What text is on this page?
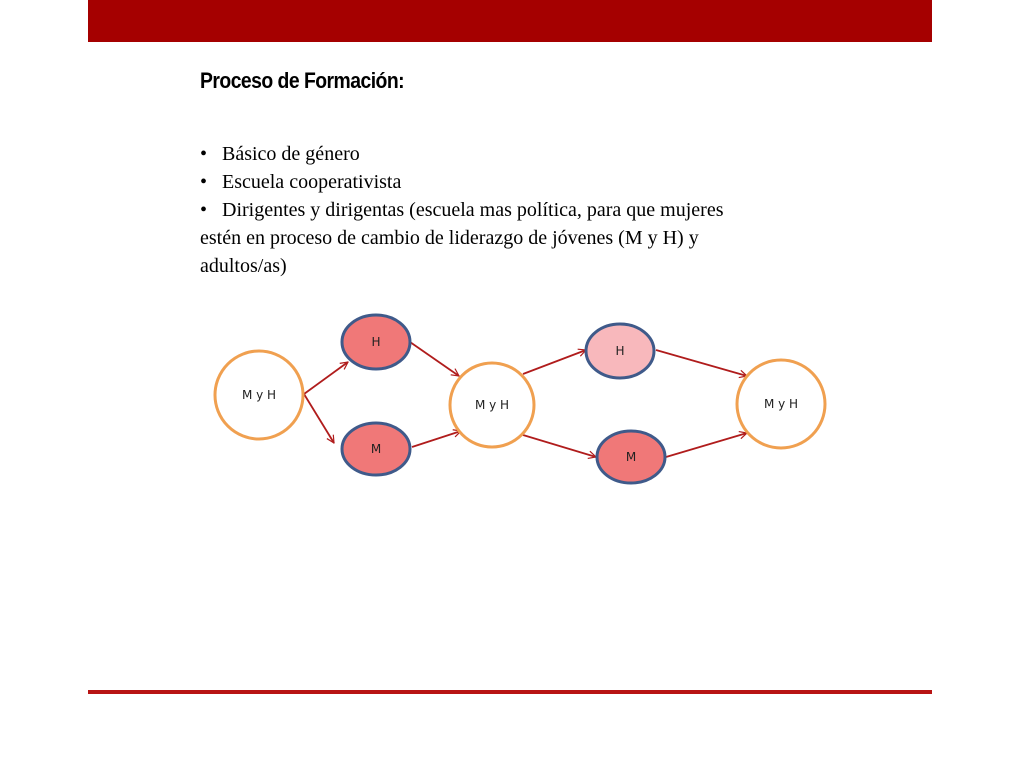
Proceso de Formación:
• Básico de género
• Escuela cooperativista
• Dirigentes y dirigentas (escuela mas política, para que mujeres
estén en proceso de cambio de liderazgo de jóvenes (M y H) y
adultos/as)
M y H
H
M
M y H
H
M
M y H
